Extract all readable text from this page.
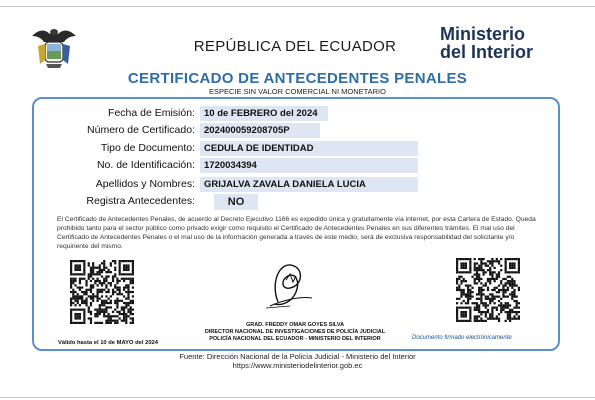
REPÚBLICA DEL ECUADOR
Ministerio
del Interior
CERTIFICADO DE ANTECEDENTES PENALES
ESPECIE SIN VALOR COMERCIAL NI MONETARIO
Fecha de Emisión: 10 de FEBRERO del 2024
Número de Certificado: 202400059208705P
Tipo de Documento: CEDULA DE IDENTIDAD
No. de Identificación: 1720034394
Apellidos y Nombres: GRIJALVA ZAVALA DANIELA LUCIA
Registra Antecedentes:	NO
El Certificado de Antecedentes Penales, de acuerdo al Decreto Ejecutivo 1166 es expedido única y gratuitamente vía internet, por esta Cartera de Estado. Queda prohibido tanto para el sector público como privado exigir como requisito el Certificado de Antecedentes Penales en sus diferentes trámites. El mal uso del Certificado de Antecedentes Penales o el mal uso de la información generada a través de este medio, será de exclusiva responsabilidad del solicitante y/o requiriente del mismo.
Válido hasta el 10 de MAYO del 2024
Documento firmado electrónicamente
GRAD. FREDDY OMAR GOYES SILVA
DIRECTOR NACIONAL DE INVESTIGACIONES DE POLICÍA JUDICIAL
POLICÍA NACIONAL DEL ECUADOR - MINISTERIO DEL INTERIOR
Fuente: Dirección Nacional de la Policía Judicial - Ministerio del Interior
https://www.ministeriodelinterior.gob.ec
